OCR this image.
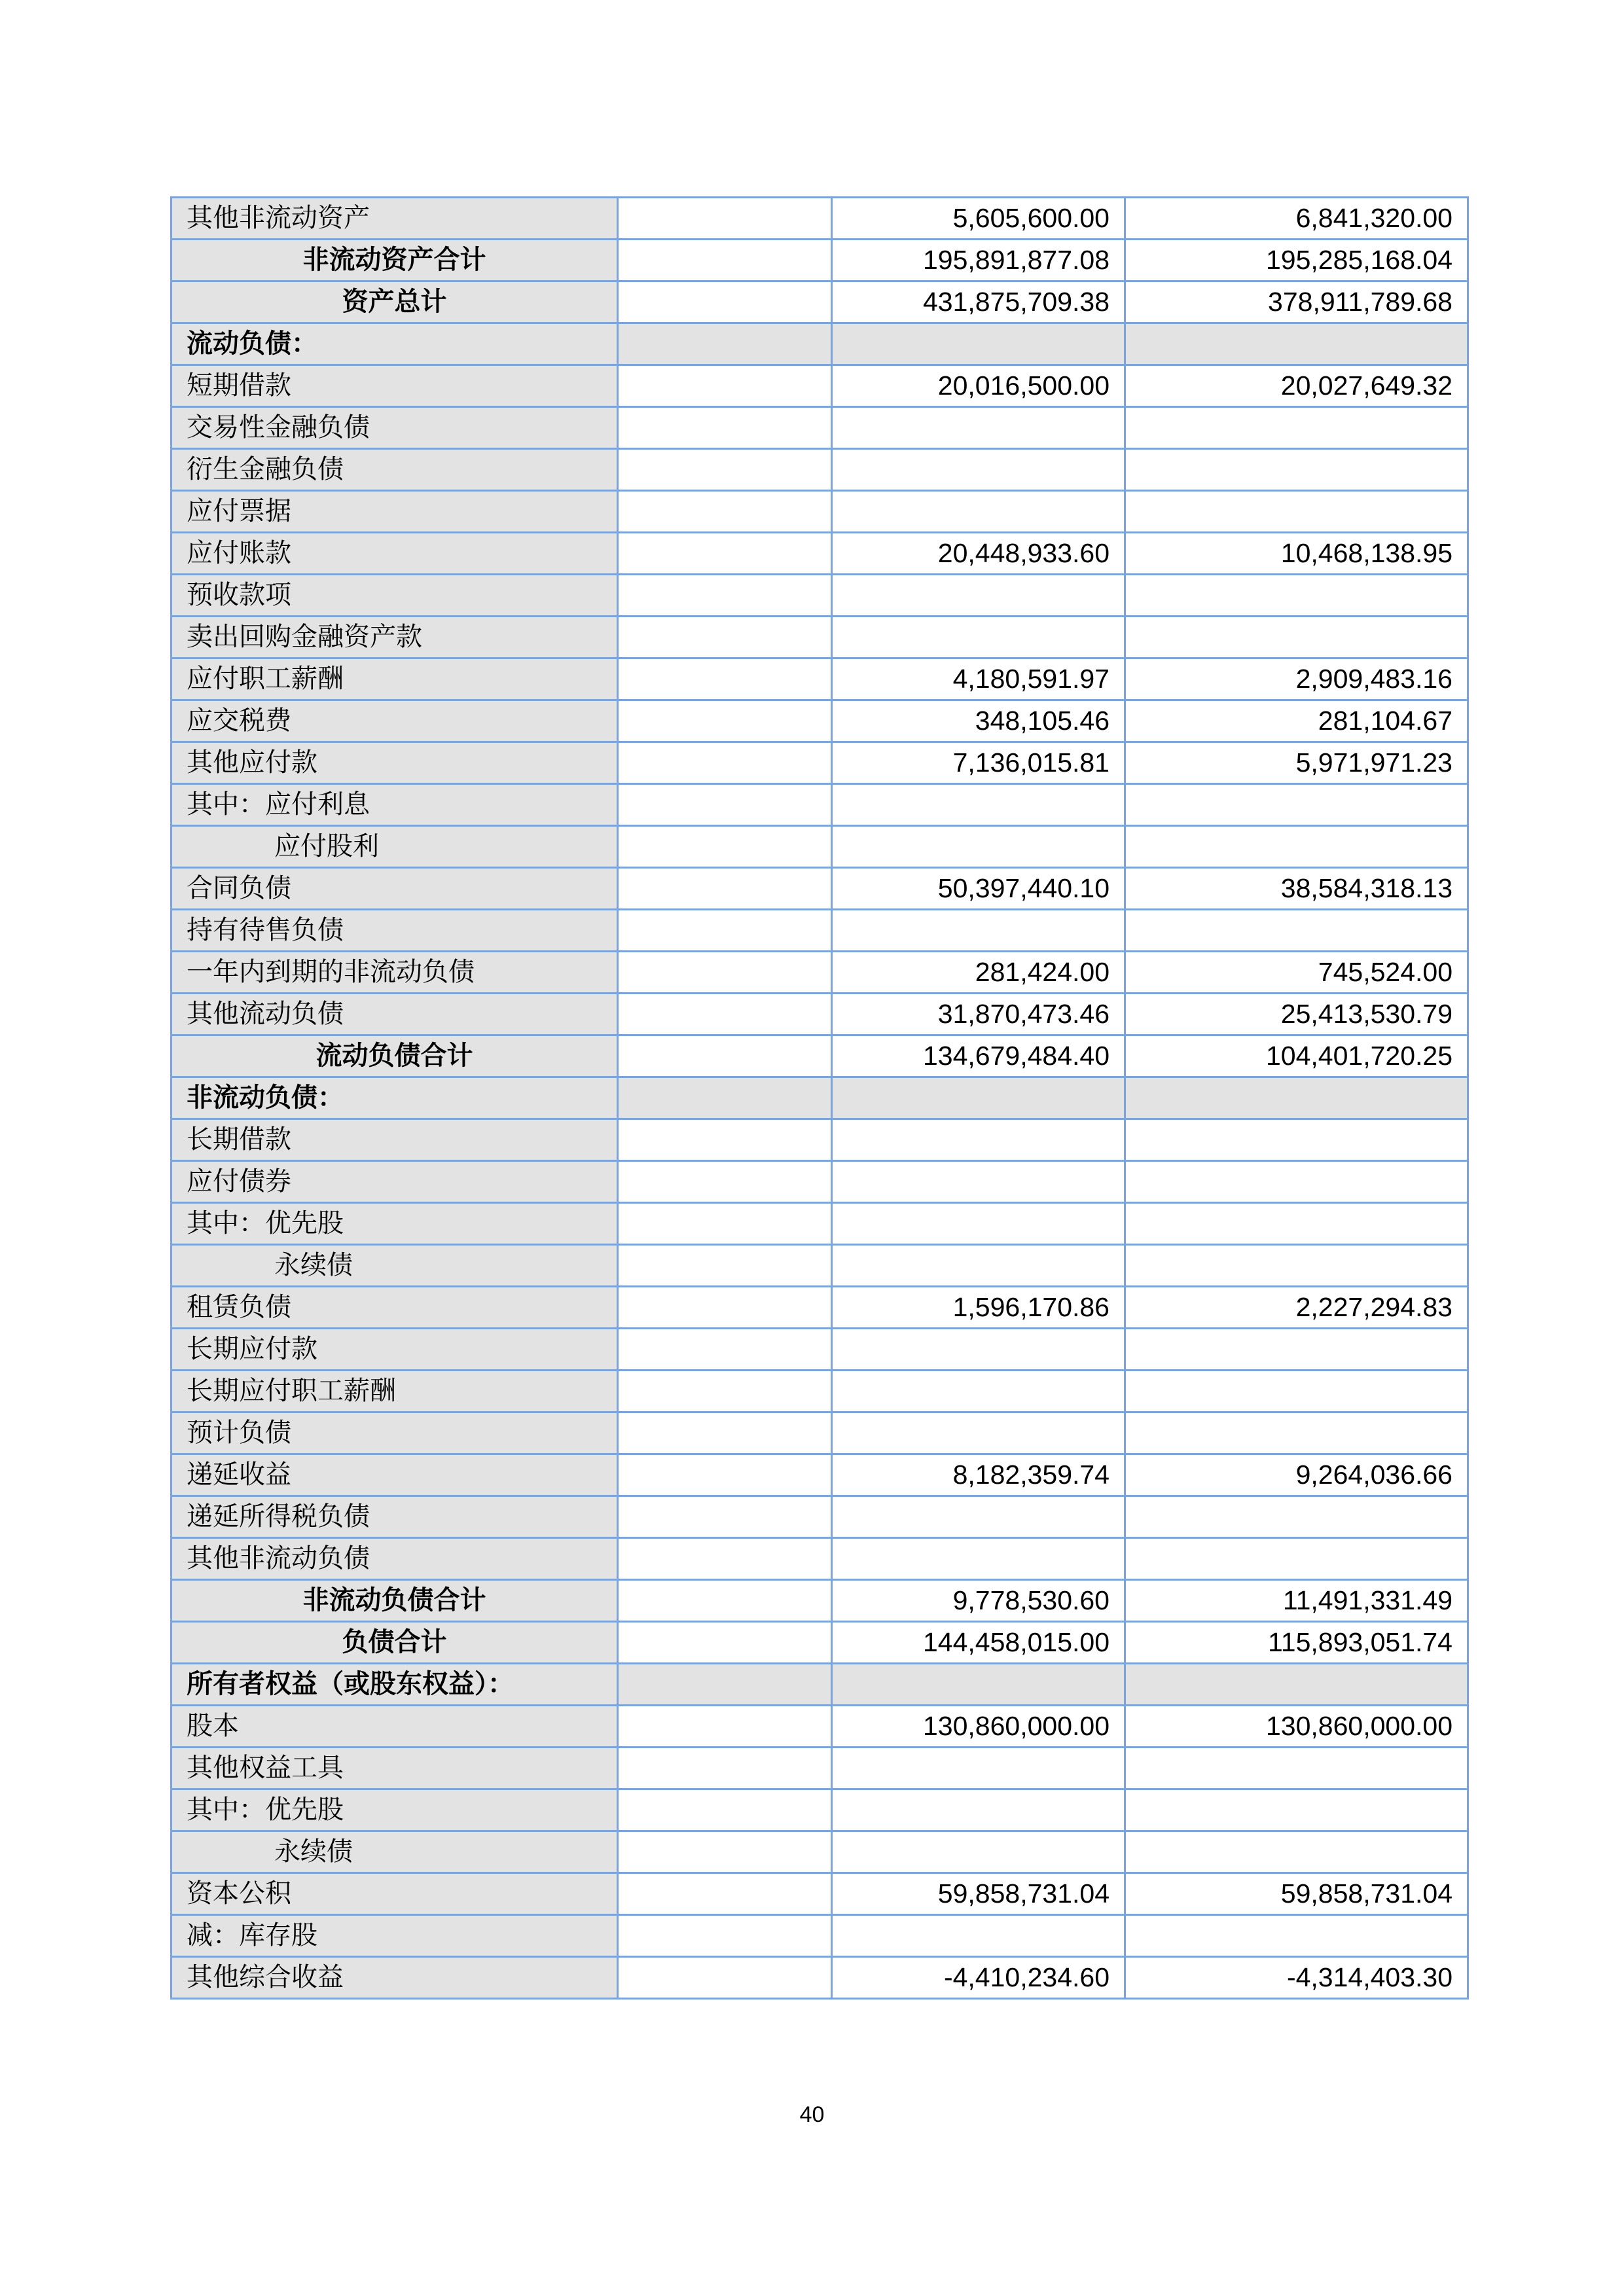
其他非流动资产		5,605,600.00	6,841,320.00
非流动资产合计		195,891,877.08	195,285,168.04
资产总计		431,875,709.38	378,911,789.68
流动负债：			
短期借款		20,016,500.00	20,027,649.32
交易性金融负债			
衍生金融负债			
应付票据			
应付账款		20,448,933.60	10,468,138.95
预收款项			
卖出回购金融资产款			
应付职工薪酬		4,180,591.97	2,909,483.16
应交税费		348,105.46	281,104.67
其他应付款		7,136,015.81	5,971,971.23
其中：应付利息			
应付股利			
合同负债		50,397,440.10	38,584,318.13
持有待售负债			
一年内到期的非流动负债		281,424.00	745,524.00
其他流动负债		31,870,473.46	25,413,530.79
流动负债合计		134,679,484.40	104,401,720.25
非流动负债：			
长期借款			
应付债券			
其中：优先股			
永续债			
租赁负债		1,596,170.86	2,227,294.83
长期应付款			
长期应付职工薪酬			
预计负债			
递延收益		8,182,359.74	9,264,036.66
递延所得税负债			
其他非流动负债			
非流动负债合计		9,778,530.60	11,491,331.49
负债合计		144,458,015.00	115,893,051.74
所有者权益（或股东权益）：			
股本		130,860,000.00	130,860,000.00
其他权益工具			
其中：优先股			
永续债			
资本公积		59,858,731.04	59,858,731.04
减：库存股			
其他综合收益		-4,410,234.60	-4,314,403.30
40
